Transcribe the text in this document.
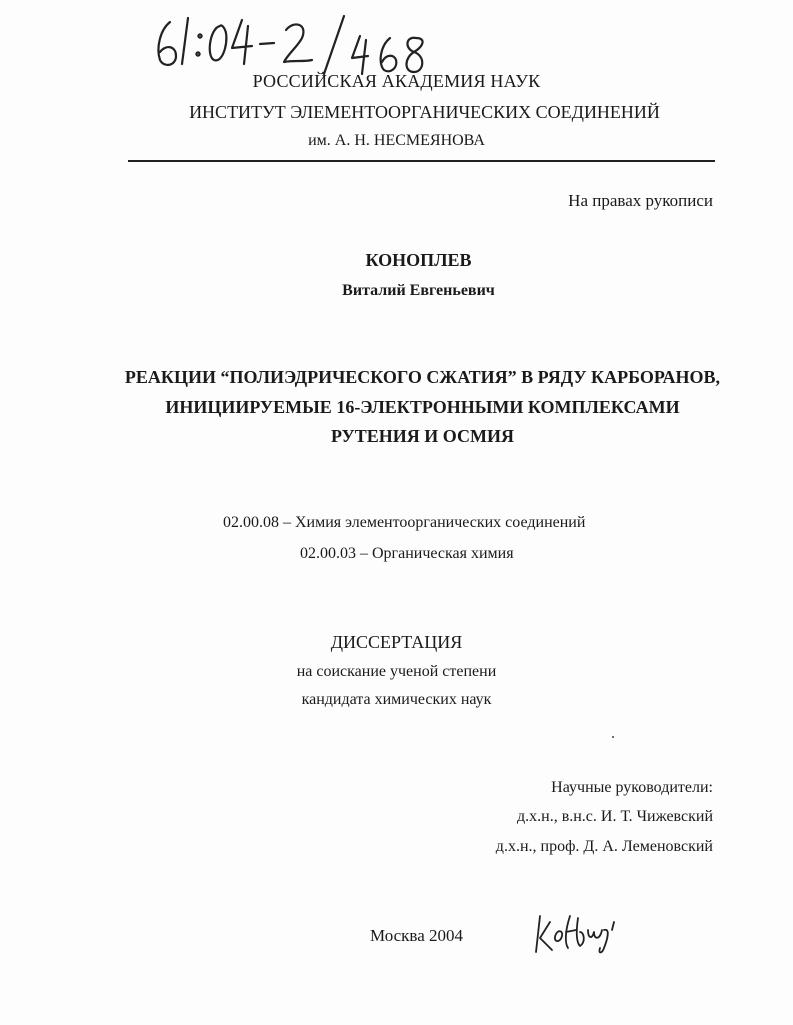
РОССИЙСКАЯ АКАДЕМИЯ НАУК
ИНСТИТУТ ЭЛЕМЕНТООРГАНИЧЕСКИХ СОЕДИНЕНИЙ
им. А. Н. НЕСМЕЯНОВА
На правах рукописи
КОНОПЛЕВ
Виталий Евгеньевич
РЕАКЦИИ “ПОЛИЭДРИЧЕСКОГО СЖАТИЯ” В РЯДУ КАРБОРАНОВ,
ИНИЦИИРУЕМЫЕ 16-ЭЛЕКТРОННЫМИ КОМПЛЕКСАМИ
РУТЕНИЯ И ОСМИЯ
02.00.08 – Химия элементоорганических соединений
02.00.03 – Органическая химия
ДИССЕРТАЦИЯ
на соискание ученой степени
кандидата химических наук
Научные руководители:
д.х.н., в.н.с. И. Т. Чижевский
д.х.н., проф. Д. А. Леменовский
Москва 2004
